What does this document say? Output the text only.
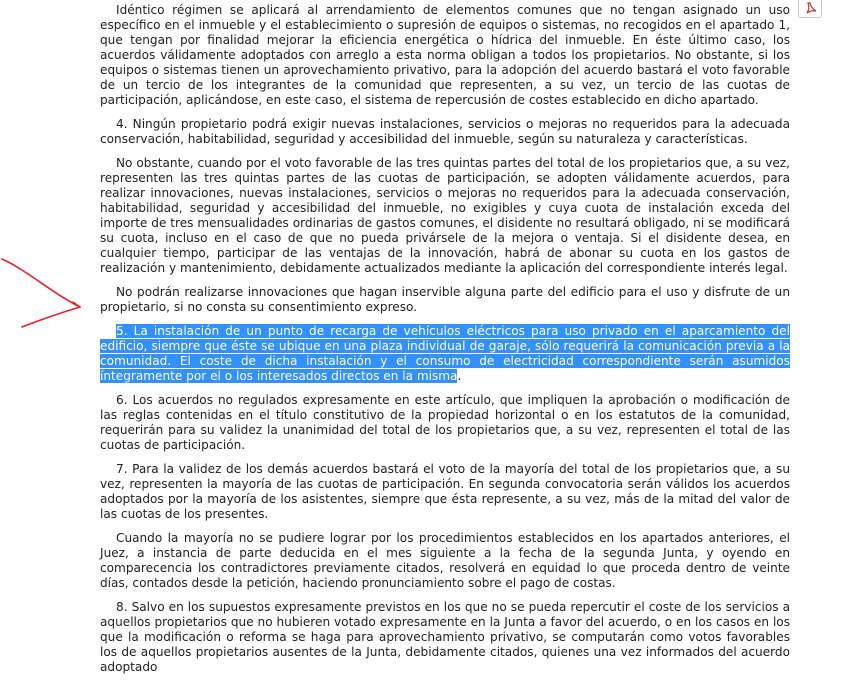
Idéntico régimen se aplicará al arrendamiento de elementos comunes que no tengan asignado un uso específico en el inmueble y el establecimiento o supresión de equipos o sistemas, no recogidos en el apartado 1, que tengan por finalidad mejorar la eficiencia energética o hídrica del inmueble. En éste último caso, los acuerdos válidamente adoptados con arreglo a esta norma obligan a todos los propietarios. No obstante, si los equipos o sistemas tienen un aprovechamiento privativo, para la adopción del acuerdo bastará el voto favorable de un tercio de los integrantes de la comunidad que representen, a su vez, un tercio de las cuotas de participación, aplicándose, en este caso, el sistema de repercusión de costes establecido en dicho apartado.

4. Ningún propietario podrá exigir nuevas instalaciones, servicios o mejoras no requeridos para la adecuada conservación, habitabilidad, seguridad y accesibilidad del inmueble, según su naturaleza y características.

No obstante, cuando por el voto favorable de las tres quintas partes del total de los propietarios que, a su vez, representen las tres quintas partes de las cuotas de participación, se adopten válidamente acuerdos, para realizar innovaciones, nuevas instalaciones, servicios o mejoras no requeridos para la adecuada conservación, habitabilidad, seguridad y accesibilidad del inmueble, no exigibles y cuya cuota de instalación exceda del importe de tres mensualidades ordinarias de gastos comunes, el disidente no resultará obligado, ni se modificará su cuota, incluso en el caso de que no pueda privársele de la mejora o ventaja. Si el disidente desea, en cualquier tiempo, participar de las ventajas de la innovación, habrá de abonar su cuota en los gastos de realización y mantenimiento, debidamente actualizados mediante la aplicación del correspondiente interés legal.

No podrán realizarse innovaciones que hagan inservible alguna parte del edificio para el uso y disfrute de un propietario, si no consta su consentimiento expreso.

5. La instalación de un punto de recarga de vehículos eléctricos para uso privado en el aparcamiento del edificio, siempre que éste se ubique en una plaza individual de garaje, sólo requerirá la comunicación previa a la comunidad. El coste de dicha instalación y el consumo de electricidad correspondiente serán asumidos íntegramente por el o los interesados directos en la misma.

6. Los acuerdos no regulados expresamente en este artículo, que impliquen la aprobación o modificación de las reglas contenidas en el título constitutivo de la propiedad horizontal o en los estatutos de la comunidad, requerirán para su validez la unanimidad del total de los propietarios que, a su vez, representen el total de las cuotas de participación.

7. Para la validez de los demás acuerdos bastará el voto de la mayoría del total de los propietarios que, a su vez, representen la mayoría de las cuotas de participación. En segunda convocatoria serán válidos los acuerdos adoptados por la mayoría de los asistentes, siempre que ésta represente, a su vez, más de la mitad del valor de las cuotas de los presentes.

Cuando la mayoría no se pudiere lograr por los procedimientos establecidos en los apartados anteriores, el Juez, a instancia de parte deducida en el mes siguiente a la fecha de la segunda Junta, y oyendo en comparecencia los contradictores previamente citados, resolverá en equidad lo que proceda dentro de veinte días, contados desde la petición, haciendo pronunciamiento sobre el pago de costas.

8. Salvo en los supuestos expresamente previstos en los que no se pueda repercutir el coste de los servicios a aquellos propietarios que no hubieren votado expresamente en la Junta a favor del acuerdo, o en los casos en los que la modificación o reforma se haga para aprovechamiento privativo, se computarán como votos favorables los de aquellos propietarios ausentes de la Junta, debidamente citados, quienes una vez informados del acuerdo adoptado
